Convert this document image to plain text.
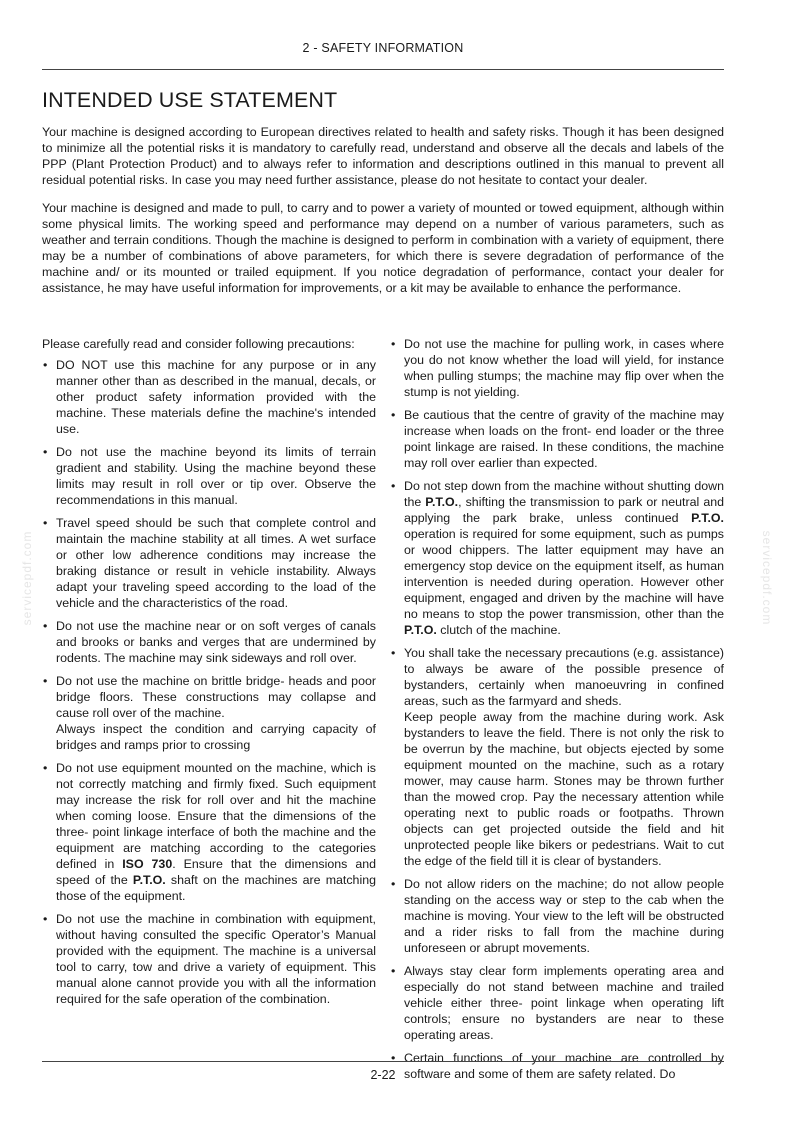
2 - SAFETY INFORMATION
INTENDED USE STATEMENT

Your machine is designed according to European directives related to health and safety risks. Though it has been designed to minimize all the potential risks it is mandatory to carefully read, understand and observe all the decals and labels of the PPP (Plant Protection Product) and to always refer to information and descriptions outlined in this manual to prevent all residual potential risks. In case you may need further assistance, please do not hesitate to contact your dealer.

Your machine is designed and made to pull, to carry and to power a variety of mounted or towed equipment, although within some physical limits. The working speed and performance may depend on a number of various parameters, such as weather and terrain conditions. Though the machine is designed to perform in combination with a variety of equipment, there may be a number of combinations of above parameters, for which there is severe degradation of performance of the machine and/ or its mounted or trailed equipment. If you notice degradation of performance, contact your dealer for assistance, he may have useful information for improvements, or a kit may be available to enhance the performance.

Please carefully read and consider following precautions:

• DO NOT use this machine for any purpose or in any manner other than as described in the manual, decals, or other product safety information provided with the machine. These materials define the machine's intended use.
• Do not use the machine beyond its limits of terrain gradient and stability. Using the machine beyond these limits may result in roll over or tip over. Observe the recommendations in this manual.
• Travel speed should be such that complete control and maintain the machine stability at all times. A wet surface or other low adherence conditions may increase the braking distance or result in vehicle instability. Always adapt your traveling speed according to the load of the vehicle and the characteristics of the road.
• Do not use the machine near or on soft verges of canals and brooks or banks and verges that are undermined by rodents. The machine may sink sideways and roll over.
• Do not use the machine on brittle bridge- heads and poor bridge floors. These constructions may collapse and cause roll over of the machine.
Always inspect the condition and carrying capacity of bridges and ramps prior to crossing
• Do not use equipment mounted on the machine, which is not correctly matching and firmly fixed. Such equipment may increase the risk for roll over and hit the machine when coming loose. Ensure that the dimensions of the three- point linkage interface of both the machine and the equipment are matching according to the categories defined in ISO 730. Ensure that the dimensions and speed of the P.T.O. shaft on the machines are matching those of the equipment.
• Do not use the machine in combination with equipment, without having consulted the specific Operator’s Manual provided with the equipment. The machine is a universal tool to carry, tow and drive a variety of equipment. This manual alone cannot provide you with all the information required for the safe operation of the combination.
• Do not use the machine for pulling work, in cases where you do not know whether the load will yield, for instance when pulling stumps; the machine may flip over when the stump is not yielding.
• Be cautious that the centre of gravity of the machine may increase when loads on the front- end loader or the three point linkage are raised. In these conditions, the machine may roll over earlier than expected.
• Do not step down from the machine without shutting down the P.T.O., shifting the transmission to park or neutral and applying the park brake, unless continued P.T.O. operation is required for some equipment, such as pumps or wood chippers. The latter equipment may have an emergency stop device on the equipment itself, as human intervention is needed during operation. However other equipment, engaged and driven by the machine will have no means to stop the power transmission, other than the P.T.O. clutch of the machine.
• You shall take the necessary precautions (e.g. assistance) to always be aware of the possible presence of bystanders, certainly when manoeuvring in confined areas, such as the farmyard and sheds.
Keep people away from the machine during work. Ask bystanders to leave the field. There is not only the risk to be overrun by the machine, but objects ejected by some equipment mounted on the machine, such as a rotary mower, may cause harm. Stones may be thrown further than the mowed crop. Pay the necessary attention while operating next to public roads or footpaths. Thrown objects can get projected outside the field and hit unprotected people like bikers or pedestrians. Wait to cut the edge of the field till it is clear of bystanders.
• Do not allow riders on the machine; do not allow people standing on the access way or step to the cab when the machine is moving. Your view to the left will be obstructed and a rider risks to fall from the machine during unforeseen or abrupt movements.
• Always stay clear form implements operating area and especially do not stand between machine and trailed vehicle either three- point linkage when operating lift controls; ensure no bystanders are near to these operating areas.
• Certain functions of your machine are controlled by software and some of them are safety related. Do
servicepdf.com	servicepdf.com
2-22
